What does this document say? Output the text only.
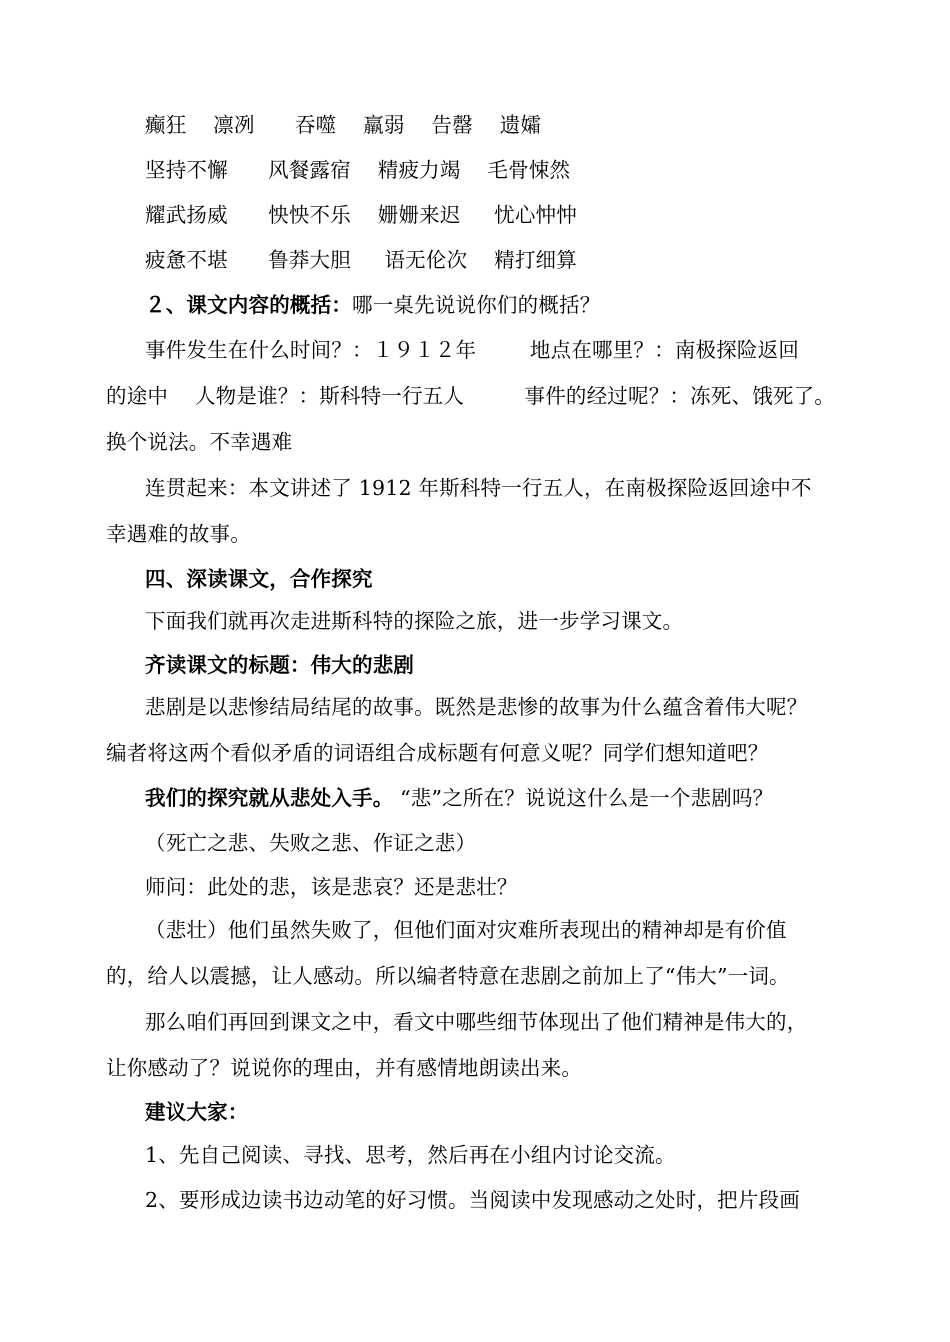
癫狂    凛冽      吞噬    羸弱    告罄    遗孀
坚持不懈      风餐露宿    精疲力竭    毛骨悚然
耀武扬威      怏怏不乐    姗姗来迟     忧心忡忡
疲惫不堪      鲁莽大胆     语无伦次    精打细算
２、课文内容的概括：哪一桌先说说你们的概括？
事件发生在什么时间？：１９１２年        地点在哪里？：南极探险返回
的途中    人物是谁？：斯科特一行五人         事件的经过呢？：冻死、饿死了。
换个说法。不幸遇难
连贯起来：本文讲述了 1912 年斯科特一行五人，在南极探险返回途中不
幸遇难的故事。
四、深读课文，合作探究
下面我们就再次走进斯科特的探险之旅，进一步学习课文。
齐读课文的标题：伟大的悲剧
悲剧是以悲惨结局结尾的故事。既然是悲惨的故事为什么蕴含着伟大呢？
编者将这两个看似矛盾的词语组合成标题有何意义呢？同学们想知道吧？
我们的探究就从悲处入手。 “悲”之所在？说说这什么是一个悲剧吗？
（死亡之悲、失败之悲、作证之悲）
师问：此处的悲，该是悲哀？还是悲壮？
（悲壮）他们虽然失败了，但他们面对灾难所表现出的精神却是有价值
的，给人以震撼，让人感动。所以编者特意在悲剧之前加上了“伟大”一词。
那么咱们再回到课文之中，看文中哪些细节体现出了他们精神是伟大的，
让你感动了？说说你的理由，并有感情地朗读出来。
建议大家：
1、先自己阅读、寻找、思考，然后再在小组内讨论交流。
2、要形成边读书边动笔的好习惯。当阅读中发现感动之处时，把片段画
